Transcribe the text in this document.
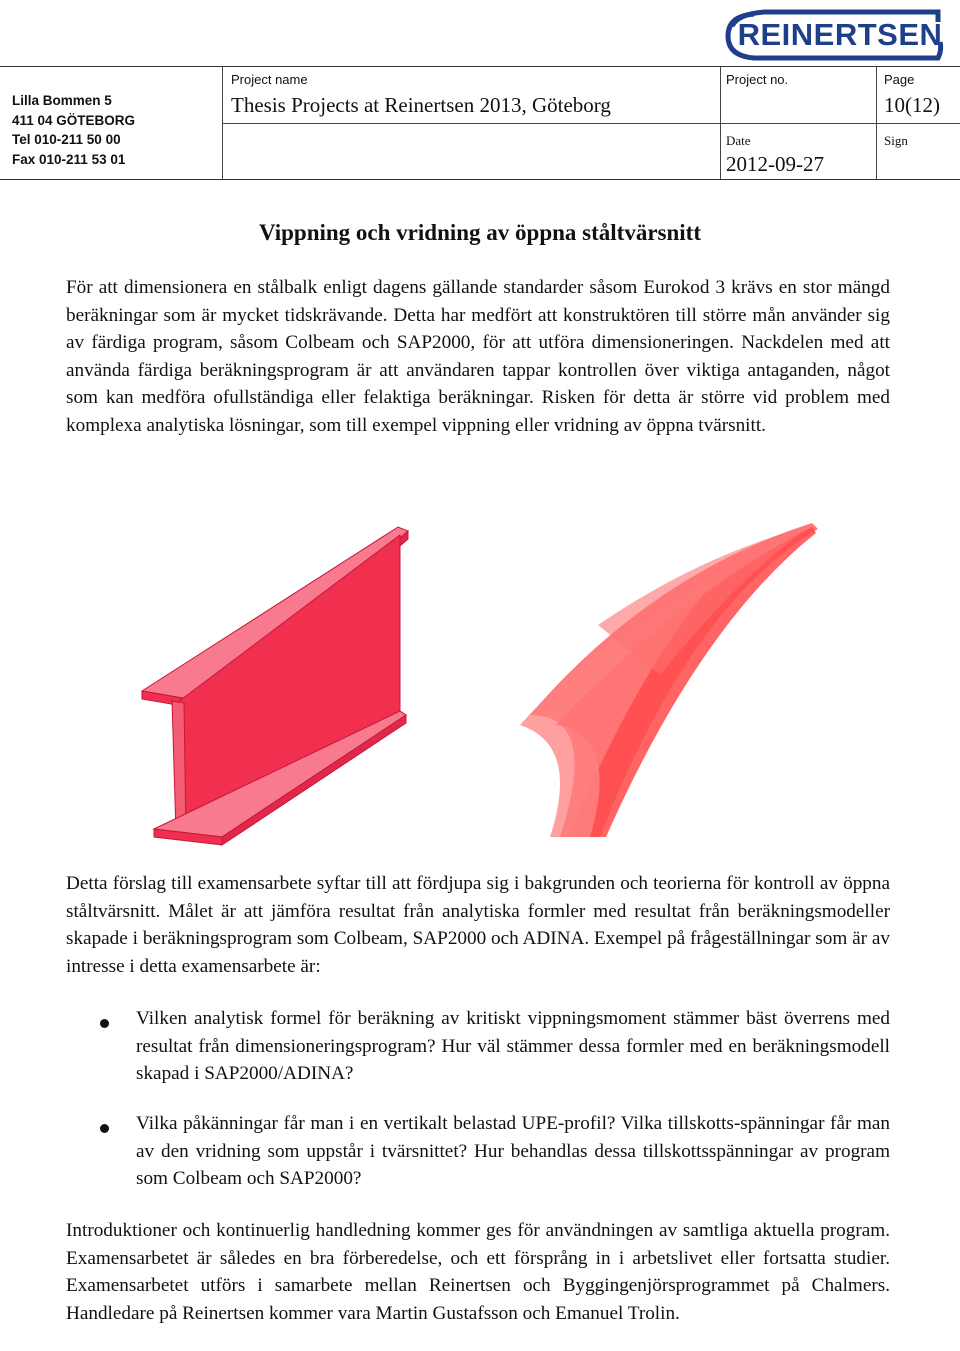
Lilla Bommen 5
411 04 GÖTEBORG
Tel 010-211 50 00
Fax 010-211 53 01
Project name
Thesis Projects at Reinertsen 2013, Göteborg
Project no.	Page
10(12)
Date
2012-09-27
Sign
REINERTSEN
Vippning och vridning av öppna ståltvärsnitt

För att dimensionera en stålbalk enligt dagens gällande standarder såsom Eurokod 3 krävs en stor mängd beräkningar som är mycket tidskrävande. Detta har medfört att konstruktören till större mån använder sig av färdiga program, såsom Colbeam och SAP2000, för att utföra dimensioneringen. Nackdelen med att använda färdiga beräkningsprogram är att användaren tappar kontrollen över viktiga antaganden, något som kan medföra ofullständiga eller felaktiga beräkningar. Risken för detta är större vid problem med komplexa analytiska lösningar, som till exempel vippning eller vridning av öppna tvärsnitt.

Detta förslag till examensarbete syftar till att fördjupa sig i bakgrunden och teorierna för kontroll av öppna ståltvärsnitt. Målet är att jämföra resultat från analytiska formler med resultat från beräkningsmodeller skapade i beräkningsprogram som Colbeam, SAP2000 och ADINA. Exempel på frågeställningar som är av intresse i detta examensarbete är:

Vilken analytisk formel för beräkning av kritiskt vippningsmoment stämmer bäst överrens med resultat från dimensioneringsprogram? Hur väl stämmer dessa formler med en beräkningsmodell skapad i SAP2000/ADINA?
Vilka påkänningar får man i en vertikalt belastad UPE-profil? Vilka tillskotts-spänningar får man av den vridning som uppstår i tvärsnittet? Hur behandlas dessa tillskottsspänningar av program som Colbeam och SAP2000?

Introduktioner och kontinuerlig handledning kommer ges för användningen av samtliga aktuella program. Examensarbetet är således en bra förberedelse, och ett försprång in i arbetslivet eller fortsatta studier. Examensarbetet utförs i samarbete mellan Reinertsen och Byggingenjörsprogrammet på Chalmers. Handledare på Reinertsen kommer vara Martin Gustafsson och Emanuel Trolin.
